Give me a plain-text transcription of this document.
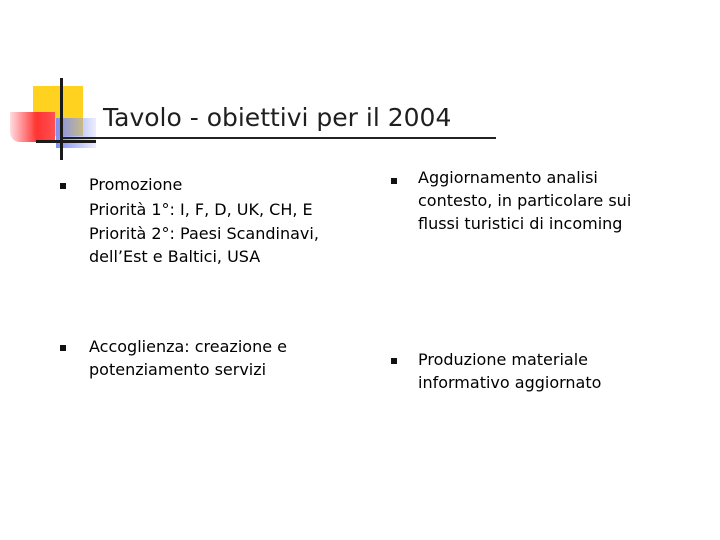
Tavolo - obiettivi per il 2004
Promozione
Priorità 1°: I, F, D, UK, CH, E
Priorità 2°: Paesi Scandinavi,
dell’Est e Baltici, USA
Accoglienza: creazione e
potenziamento servizi
Aggiornamento analisi
contesto, in particolare sui
flussi turistici di incoming
Produzione materiale
informativo aggiornato
